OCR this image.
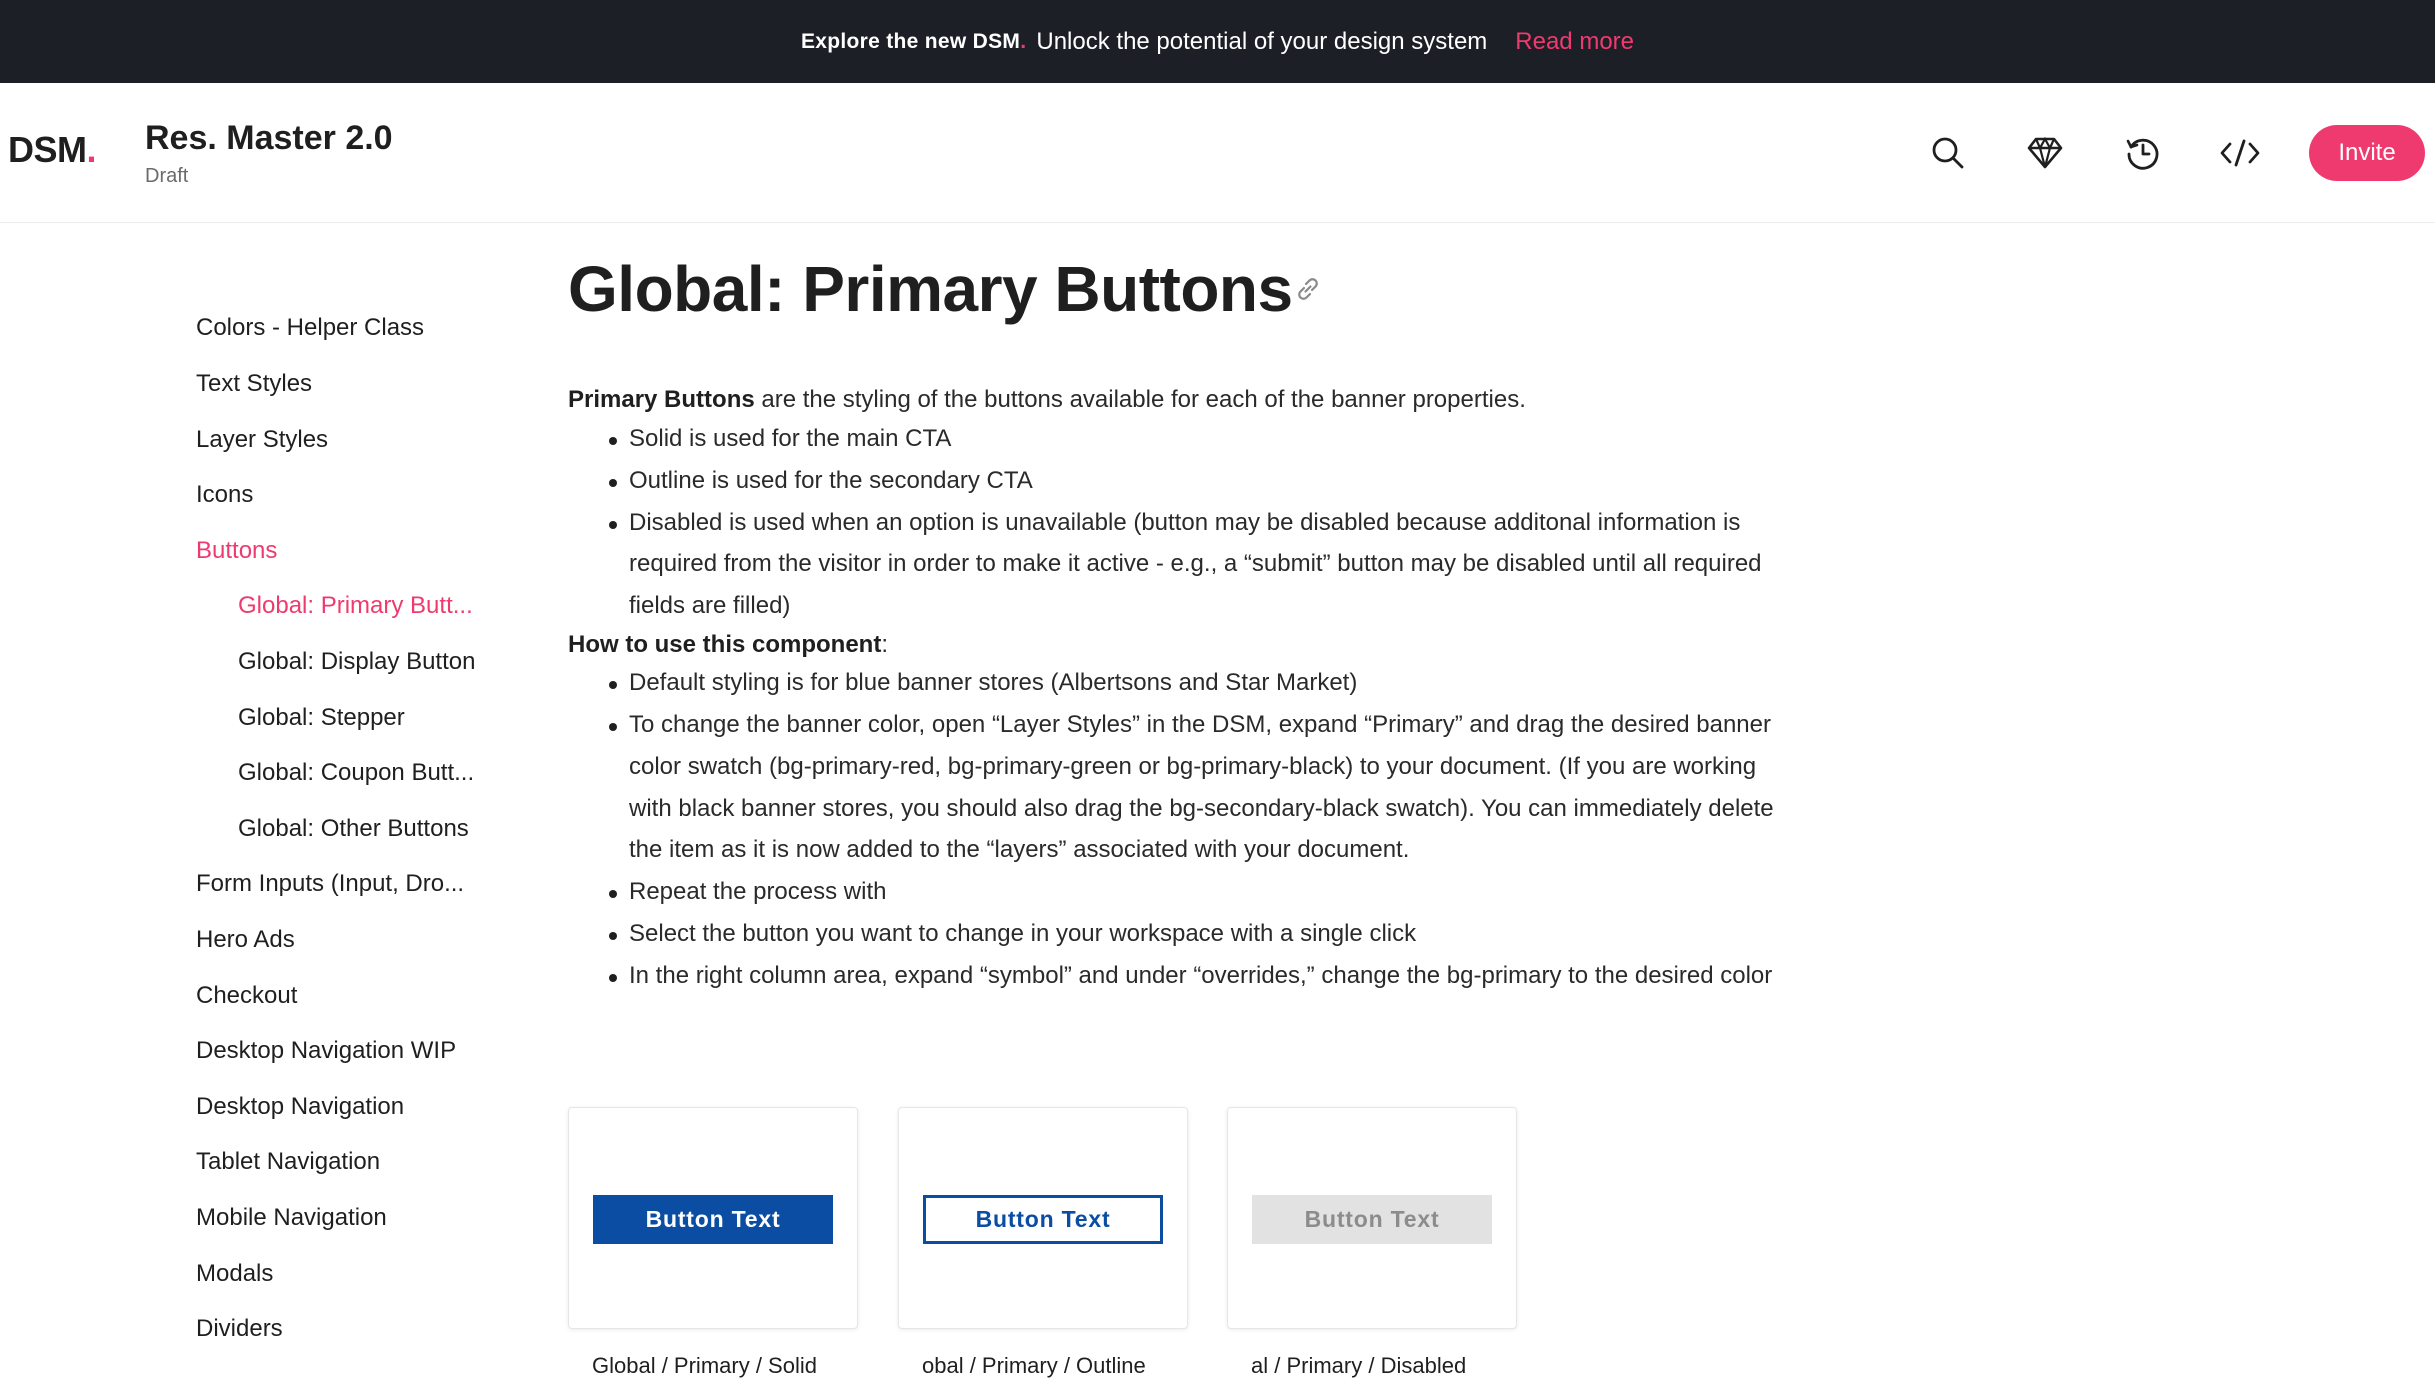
Explore the new DSM. Unlock the potential of your design system Read more
DSM. Res. Master 2.0
Draft
Invite
Colors - Helper Class
Text Styles
Layer Styles
Icons
Buttons
Global: Primary Butt...
Global: Display Button
Global: Stepper
Global: Coupon Butt...
Global: Other Buttons
Form Inputs (Input, Dro...
Hero Ads
Checkout
Desktop Navigation WIP
Desktop Navigation
Tablet Navigation
Mobile Navigation
Modals
Dividers
Global: Primary Buttons
Primary Buttons are the styling of the buttons available for each of the banner properties.
Solid is used for the main CTA
Outline is used for the secondary CTA
Disabled is used when an option is unavailable (button may be disabled because additonal information is
required from the visitor in order to make it active - e.g., a “submit” button may be disabled until all required
fields are filled)
How to use this component:
Default styling is for blue banner stores (Albertsons and Star Market)
To change the banner color, open “Layer Styles” in the DSM, expand “Primary” and drag the desired banner
color swatch (bg-primary-red, bg-primary-green or bg-primary-black) to your document. (If you are working
with black banner stores, you should also drag the bg-secondary-black swatch). You can immediately delete
the item as it is now added to the “layers” associated with your document.
Repeat the process with
Select the button you want to change in your workspace with a single click
In the right column area, expand “symbol” and under “overrides,” change the bg-primary to the desired color
Button Text	Button Text	Button Text
Global / Primary / Solid	obal / Primary / Outline	al / Primary / Disabled
